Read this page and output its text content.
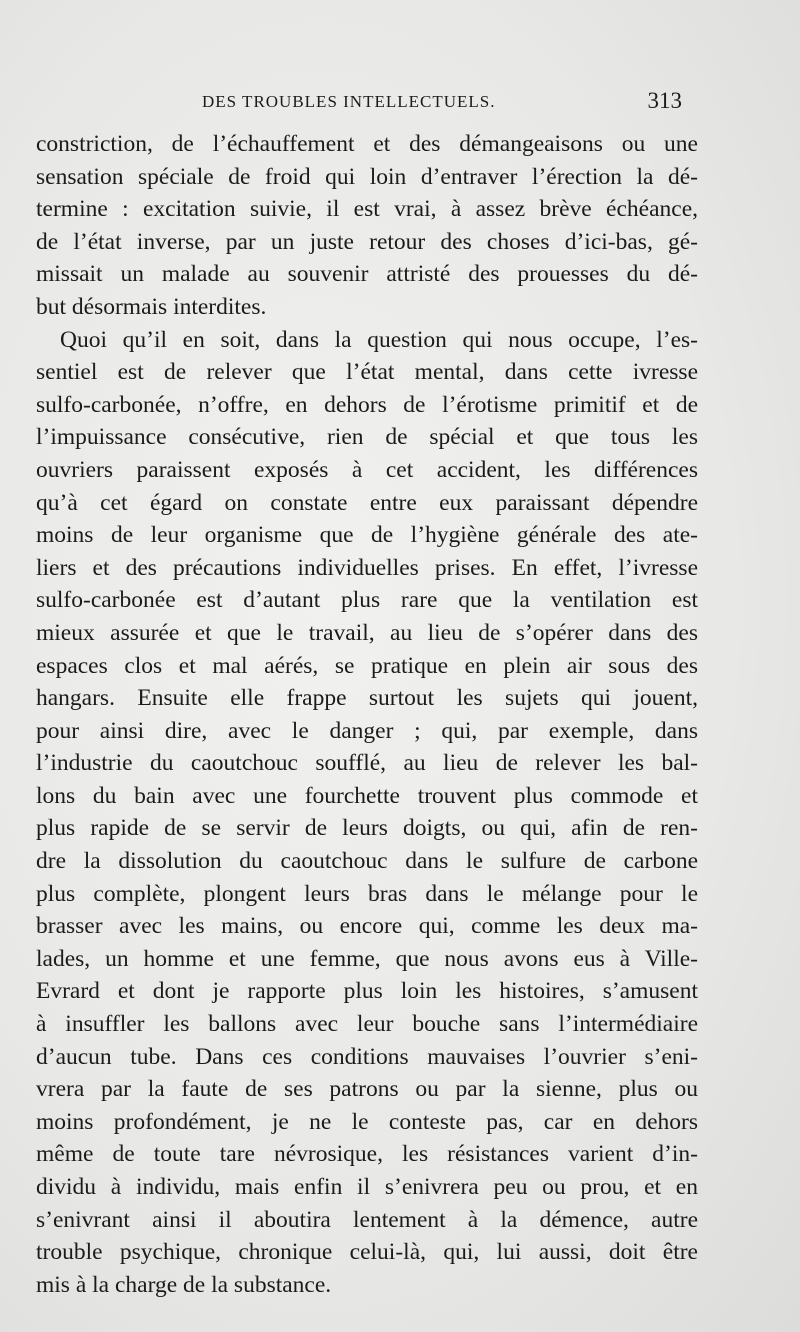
DES TROUBLES INTELLECTUELS.	313
constriction, de l’échauffement et des démangeaisons ou une
sensation spéciale de froid qui loin d’entraver l’érection la dé-
termine : excitation suivie, il est vrai, à assez brève échéance,
de l’état inverse, par un juste retour des choses d’ici-bas, gé-
missait un malade au souvenir attristé des prouesses du dé-
but désormais interdites.
Quoi qu’il en soit, dans la question qui nous occupe, l’es-
sentiel est de relever que l’état mental, dans cette ivresse
sulfo-carbonée, n’offre, en dehors de l’érotisme primitif et de
l’impuissance consécutive, rien de spécial et que tous les
ouvriers paraissent exposés à cet accident, les différences
qu’à cet égard on constate entre eux paraissant dépendre
moins de leur organisme que de l’hygiène générale des ate-
liers et des précautions individuelles prises. En effet, l’ivresse
sulfo-carbonée est d’autant plus rare que la ventilation est
mieux assurée et que le travail, au lieu de s’opérer dans des
espaces clos et mal aérés, se pratique en plein air sous des
hangars. Ensuite elle frappe surtout les sujets qui jouent,
pour ainsi dire, avec le danger ; qui, par exemple, dans
l’industrie du caoutchouc soufflé, au lieu de relever les bal-
lons du bain avec une fourchette trouvent plus commode et
plus rapide de se servir de leurs doigts, ou qui, afin de ren-
dre la dissolution du caoutchouc dans le sulfure de carbone
plus complète, plongent leurs bras dans le mélange pour le
brasser avec les mains, ou encore qui, comme les deux ma-
lades, un homme et une femme, que nous avons eus à Ville-
Evrard et dont je rapporte plus loin les histoires, s’amusent
à insuffler les ballons avec leur bouche sans l’intermédiaire
d’aucun tube. Dans ces conditions mauvaises l’ouvrier s’eni-
vrera par la faute de ses patrons ou par la sienne, plus ou
moins profondément, je ne le conteste pas, car en dehors
même de toute tare névrosique, les résistances varient d’in-
dividu à individu, mais enfin il s’enivrera peu ou prou, et en
s’enivrant ainsi il aboutira lentement à la démence, autre
trouble psychique, chronique celui-là, qui, lui aussi, doit être
mis à la charge de la substance.
